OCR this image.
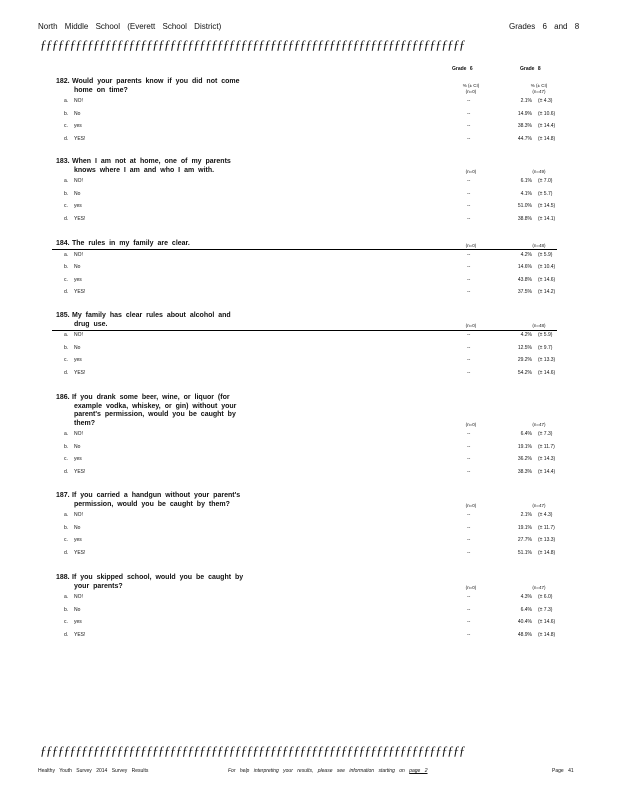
North Middle School (Everett School District)	Grades 6 and 8
ƒƒƒƒƒƒƒƒƒƒƒƒƒƒƒƒƒƒƒƒƒƒƒƒƒƒƒƒƒƒƒƒƒƒƒƒƒƒƒƒƒƒƒƒƒƒƒƒƒƒƒƒƒƒƒƒƒƒƒƒƒƒƒƒƒƒƒƒƒƒƒƒ
Grade 6	Grade 8
% (± CI)
(n=0)
% (± CI)
(n=47)
182. Would your parents know if you did not come
home on time?
a. NO!	--	2.1% (± 4.3)
b. No	--	14.9% (± 10.6)
c. yes	--	38.3% (± 14.4)
d. YES!	--	44.7% (± 14.8)
183. When I am not at home, one of my parents
knows where I am and who I am with.	(n=0)	(n=49)
a. NO!	--	6.1% (± 7.0)
b. No	--	4.1% (± 5.7)
c. yes	--	51.0% (± 14.5)
d. YES!	--	38.8% (± 14.1)
184. The rules in my family are clear.	(n=0)	(n=48)
a. NO!	--	4.2% (± 5.9)
b. No	--	14.6% (± 10.4)
c. yes	--	43.8% (± 14.6)
d. YES!	--	37.5% (± 14.2)
185. My family has clear rules about alcohol and
drug use.	(n=0)	(n=48)
a. NO!	--	4.2% (± 5.9)
b. No	--	12.5% (± 9.7)
c. yes	--	29.2% (± 13.3)
d. YES!	--	54.2% (± 14.6)
186. If you drank some beer, wine, or liquor (for
example vodka, whiskey, or gin) without your
parent's permission, would you be caught by
them?	(n=0)	(n=47)
a. NO!	--	6.4% (± 7.3)
b. No	--	19.1% (± 11.7)
c. yes	--	36.2% (± 14.3)
d. YES!	--	38.3% (± 14.4)
187. If you carried a handgun without your parent's
permission, would you be caught by them?	(n=0)	(n=47)
a. NO!	--	2.1% (± 4.3)
b. No	--	19.1% (± 11.7)
c. yes	--	27.7% (± 13.3)
d. YES!	--	51.1% (± 14.8)
188. If you skipped school, would you be caught by
your parents?	(n=0)	(n=47)
a. NO!	--	4.3% (± 6.0)
b. No	--	6.4% (± 7.3)
c. yes	--	40.4% (± 14.6)
d. YES!	--	48.9% (± 14.8)
ƒƒƒƒƒƒƒƒƒƒƒƒƒƒƒƒƒƒƒƒƒƒƒƒƒƒƒƒƒƒƒƒƒƒƒƒƒƒƒƒƒƒƒƒƒƒƒƒƒƒƒƒƒƒƒƒƒƒƒƒƒƒƒƒƒƒƒƒƒƒƒƒ
Healthy Youth Survey 2014 Survey Results	For help interpreting your results, please see information starting on page 2	Page 41
